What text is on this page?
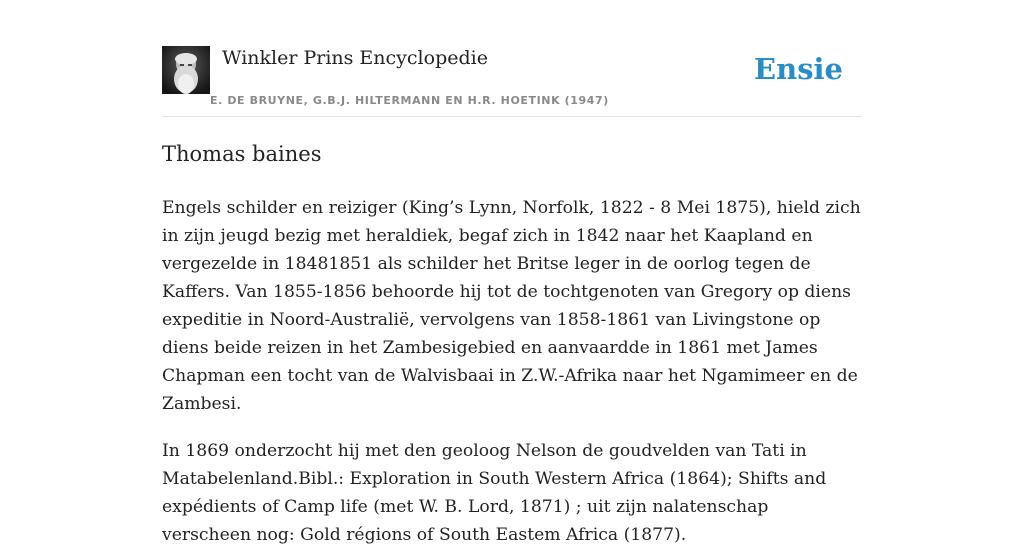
Winkler Prins Encyclopedie
E. DE BRUYNE, G.B.J. HILTERMANN EN H.R. HOETINK (1947)
Ensie
Thomas baines

Engels schilder en reiziger (King’s Lynn, Norfolk, 1822 - 8 Mei 1875), hield zich in zijn jeugd bezig met heraldiek, begaf zich in 1842 naar het Kaapland en vergezelde in 18481851 als schilder het Britse leger in de oorlog tegen de Kaffers. Van 1855-1856 behoorde hij tot de tochtgenoten van Gregory op diens expeditie in Noord-Australië, vervolgens van 1858-1861 van Livingstone op diens beide reizen in het Zambesigebied en aanvaardde in 1861 met James Chapman een tocht van de Walvisbaai in Z.W.-Afrika naar het Ngamimeer en de Zambesi.

In 1869 onderzocht hij met den geoloog Nelson de goudvelden van Tati in Matabelenland.Bibl.: Exploration in South Western Africa (1864); Shifts and expédients of Camp life (met W. B. Lord, 1871) ; uit zijn nalatenschap verscheen nog: Gold régions of South Eastem Africa (1877).
